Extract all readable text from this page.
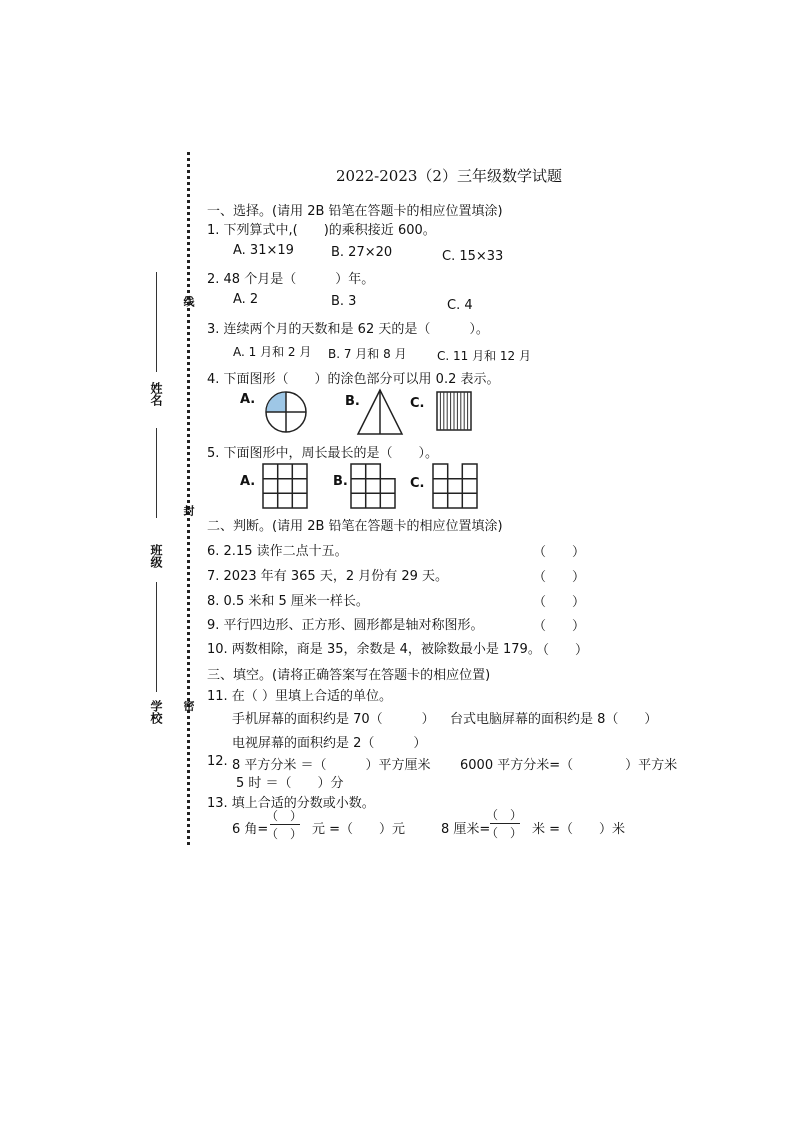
线
封
密
姓名
班级
学校
2022-2023（2）三年级数学试题
一、选择。(请用 2B 铅笔在答题卡的相应位置填涂)
1. 下列算式中,(　　)的乘积接近 600。
A. 31×19	B. 27×20	C. 15×33
2. 48 个月是（　　　）年。
A. 2	B. 3	C. 4
3. 连续两个月的天数和是 62 天的是（　　　）。
A. 1 月和 2 月 B. 7 月和 8 月	C. 11 月和 12 月
4. 下面图形（　　）的涂色部分可以用 0.2 表示。
A.	B.	C.
5. 下面图形中，周长最长的是（　　）。
A.	B.	C.
二、判断。(请用 2B 铅笔在答题卡的相应位置填涂)
6. 2.15 读作二点十五。	（　　）
7. 2023 年有 365 天，2 月份有 29 天。	（　　）
8. 0.5 米和 5 厘米一样长。	（　　）
9. 平行四边形、正方形、圆形都是轴对称图形。	（　　）
10. 两数相除，商是 35，余数是 4，被除数最小是 179。
（　　）
三、填空。(请将正确答案写在答题卡的相应位置)
11. 在（ ）里填上合适的单位。
手机屏幕的面积约是 70（　　　） 台式电脑屏幕的面积约是 8（　　）
电视屏幕的面积约是 2（　　　）
12. 8 平方分米 ＝（　　　）平方厘米 6000 平方分米=（　　　　）平方米
5 时 ＝（　　）分
13. 填上合适的分数或小数。
6 角=
（　）
（　） 元 =（　　）元	8 厘米=
（　）
（　） 米 =（　　）米
